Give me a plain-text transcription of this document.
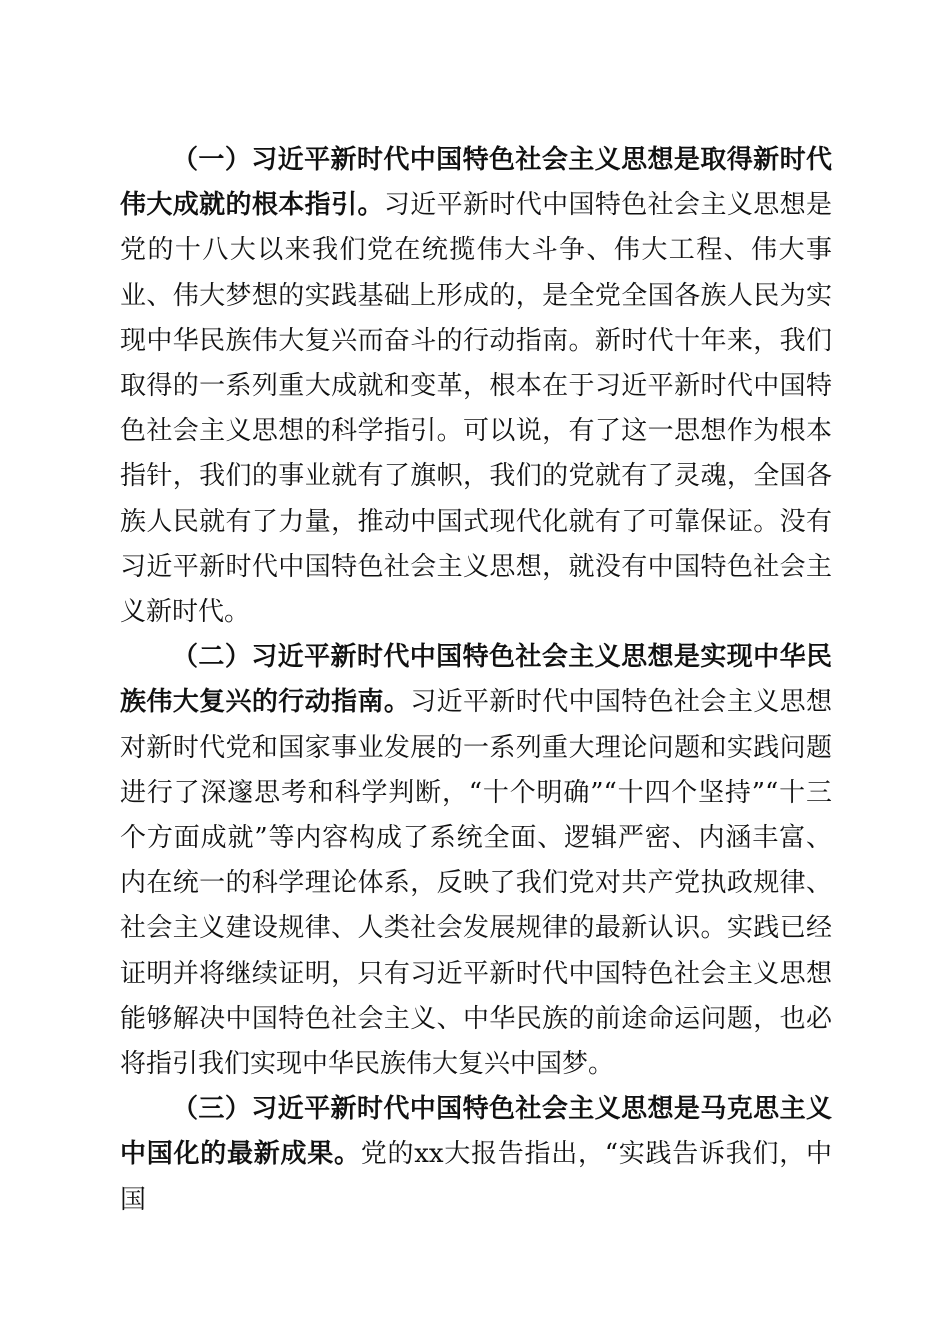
（一）习近平新时代中国特色社会主义思想是取得新时代伟大成就的根本指引。习近平新时代中国特色社会主义思想是党的十八大以来我们党在统揽伟大斗争、伟大工程、伟大事业、伟大梦想的实践基础上形成的，是全党全国各族人民为实现中华民族伟大复兴而奋斗的行动指南。新时代十年来，我们取得的一系列重大成就和变革，根本在于习近平新时代中国特色社会主义思想的科学指引。可以说，有了这一思想作为根本指针，我们的事业就有了旗帜，我们的党就有了灵魂，全国各族人民就有了力量，推动中国式现代化就有了可靠保证。没有习近平新时代中国特色社会主义思想，就没有中国特色社会主义新时代。

（二）习近平新时代中国特色社会主义思想是实现中华民族伟大复兴的行动指南。习近平新时代中国特色社会主义思想对新时代党和国家事业发展的一系列重大理论问题和实践问题进行了深邃思考和科学判断，“十个明确”“十四个坚持”“十三个方面成就”等内容构成了系统全面、逻辑严密、内涵丰富、内在统一的科学理论体系，反映了我们党对共产党执政规律、社会主义建设规律、人类社会发展规律的最新认识。实践已经证明并将继续证明，只有习近平新时代中国特色社会主义思想能够解决中国特色社会主义、中华民族的前途命运问题，也必将指引我们实现中华民族伟大复兴中国梦。

（三）习近平新时代中国特色社会主义思想是马克思主义中国化的最新成果。党的xx大报告指出，“实践告诉我们，中国
